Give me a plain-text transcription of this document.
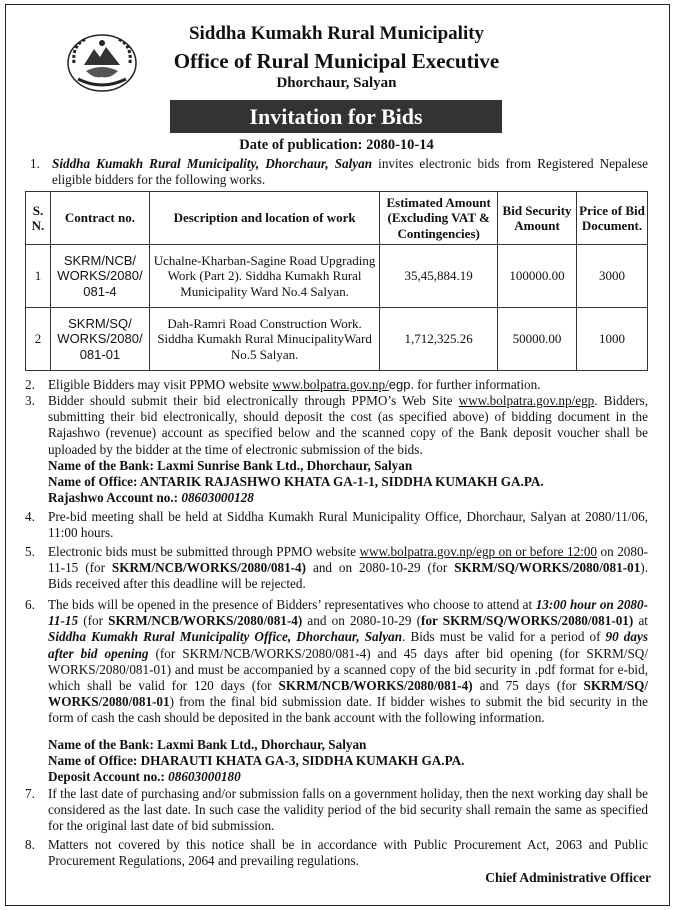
Siddha Kumakh Rural Municipality
Office of Rural Municipal Executive
Dhorchaur, Salyan
Invitation for Bids
Date of publication: 2080-10-14
1. Siddha Kumakh Rural Municipality, Dhorchaur, Salyan invites electronic bids from Registered Nepalese eligible bidders for the following works.
S. N.	Contract no.	Description and location of work	Estimated Amount (Excluding VAT & Contingencies)	Bid Security Amount	Price of Bid Document.
1	SKRM/NCB/ WORKS/2080/ 081-4	Uchalne-Kharban-Sagine Road Upgrading Work (Part 2). Siddha Kumakh Rural Municipality Ward No.4 Salyan.	35,45,884.19	100000.00	3000
2	SKRM/SQ/ WORKS/2080/ 081-01	Dah-Ramri Road Construction Work. Siddha Kumakh Rural MinucipalityWard No.5 Salyan.	1,712,325.26	50000.00	1000
2. Eligible Bidders may visit PPMO website www.bolpatra.gov.np/egp. for further information.
3. Bidder should submit their bid electronically through PPMO’s Web Site www.bolpatra.gov.np/egp. Bidders, submitting their bid electronically, should deposit the cost (as specified above) of bidding document in the Rajashwo (revenue) account as specified below and the scanned copy of the Bank deposit voucher shall be uploaded by the bidder at the time of electronic submission of the bids.
Name of the Bank: Laxmi Sunrise Bank Ltd., Dhorchaur, Salyan
Name of Office: ANTARIK RAJASHWO KHATA GA-1-1, SIDDHA KUMAKH GA.PA.
Rajashwo Account no.: 08603000128
4. Pre-bid meeting shall be held at Siddha Kumakh Rural Municipality Office, Dhorchaur, Salyan at 2080/11/06, 11:00 hours.
5. Electronic bids must be submitted through PPMO website www.bolpatra.gov.np/egp on or before 12:00 on 2080-11-15 (for SKRM/NCB/WORKS/2080/081-4) and on 2080-10-29 (for SKRM/SQ/WORKS/2080/081-01). Bids received after this deadline will be rejected.
6. The bids will be opened in the presence of Bidders’ representatives who choose to attend at 13:00 hour on 2080-11-15 (for SKRM/NCB/WORKS/2080/081-4) and on 2080-10-29 (for SKRM/SQ/WORKS/2080/081-01) at Siddha Kumakh Rural Municipality Office, Dhorchaur, Salyan. Bids must be valid for a period of 90 days after bid opening (for SKRM/NCB/WORKS/2080/081-4) and 45 days after bid opening (for SKRM/SQ/ WORKS/2080/081-01) and must be accompanied by a scanned copy of the bid security in .pdf format for e-bid, which shall be valid for 120 days (for SKRM/NCB/WORKS/2080/081-4) and 75 days (for SKRM/SQ/ WORKS/2080/081-01) from the final bid submission date. If bidder wishes to submit the bid security in the form of cash the cash should be deposited in the bank account with the following information.
Name of the Bank: Laxmi Bank Ltd., Dhorchaur, Salyan
Name of Office: DHARAUTI KHATA GA-3, SIDDHA KUMAKH GA.PA.
Deposit Account no.: 08603000180
7. If the last date of purchasing and/or submission falls on a government holiday, then the next working day shall be considered as the last date. In such case the validity period of the bid security shall remain the same as specified for the original last date of bid submission.
8. Matters not covered by this notice shall be in accordance with Public Procurement Act, 2063 and Public Procurement Regulations, 2064 and prevailing regulations.
Chief Administrative Officer
